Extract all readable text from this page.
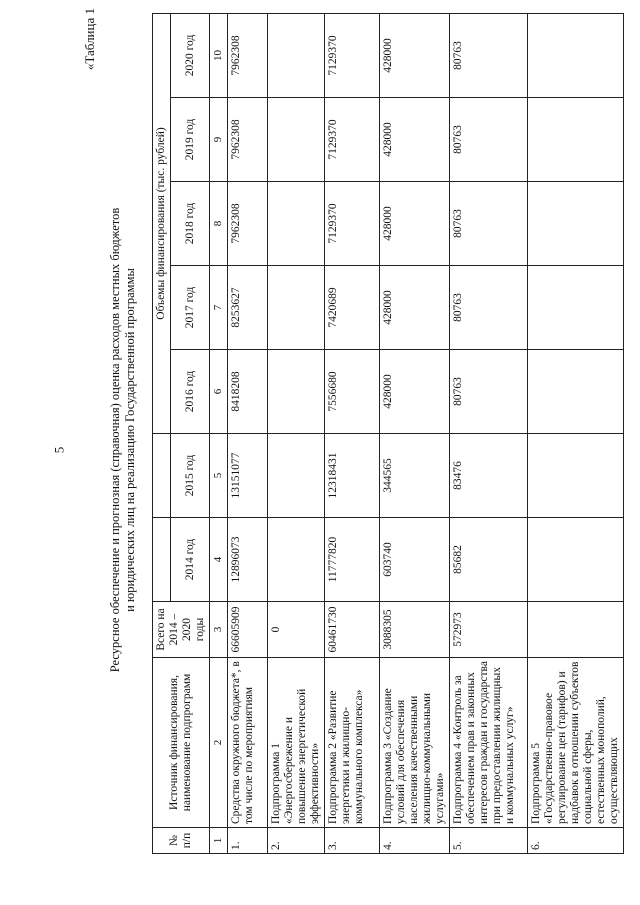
5
«Таблица 1
Ресурсное обеспечение и прогнозная (справочная) оценка расходов местных бюджетов и юридических лиц на реализацию Государственной программы
№ п/п	Источник финансирования, наименование подпрограмм	Всего на 2014 – 2020 годы			Объемы финансирования (тыс. рублей)				
			2014 год	2015 год	2016 год	2017 год	2018 год	2019 год	2020 год
1	2	3	4	5	6	7	8	9	10
1.	Средства окружного бюджета*, в том числе по мероприятиям	66605909	12896073	13151077	8418208	8253627	7962308	7962308	7962308
2.	Подпрограмма 1 «Энергосбережение и повышение энергетической эффективности»	0							
3.	Подпрограмма 2 «Развитие энергетики и жилищно-коммунального комплекса»	60461730	11777820	12318431	7556680	7420689	7129370	7129370	7129370
4.	Подпрограмма 3 «Создание условий для обеспечения населения качественными жилищно-коммунальными услугами»	3088305	603740	344565	428000	428000	428000	428000	428000
5.	Подпрограмма 4 «Контроль за обеспечением прав и законных интересов граждан и государства при предоставлении жилищных и коммунальных услуг»	572973	85682	83476	80763	80763	80763	80763	80763
6.	Подпрограмма 5 «Государственно-правовое регулирование цен (тарифов) и надбавок в отношении субъектов социальной сферы, естественных монополий, осуществляющих								
